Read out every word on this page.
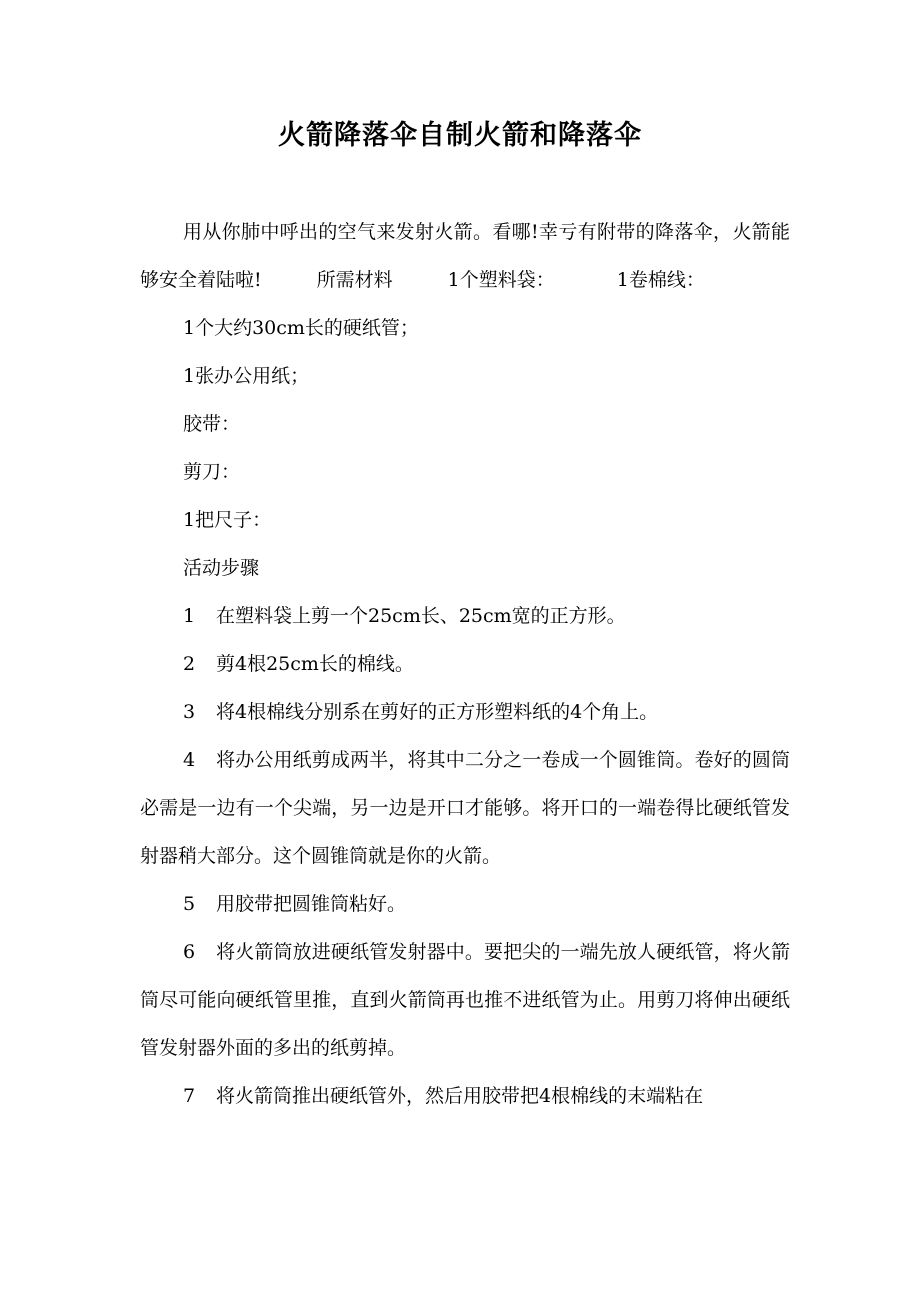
火箭降落伞自制火箭和降落伞

用从你肺中呼出的空气来发射火箭。看哪!幸亏有附带的降落伞，火箭能够安全着陆啦!	所需材料	1个塑料袋：	1卷棉线：

1个大约30cm长的硬纸管；

1张办公用纸；

胶带：

剪刀：

1把尺子：

活动步骤

1 在塑料袋上剪一个25cm长、25cm宽的正方形。

2 剪4根25cm长的棉线。

3 将4根棉线分别系在剪好的正方形塑料纸的4个角上。

4 将办公用纸剪成两半，将其中二分之一卷成一个圆锥筒。卷好的圆筒必需是一边有一个尖端，另一边是开口才能够。将开口的一端卷得比硬纸管发射器稍大部分。这个圆锥筒就是你的火箭。

5 用胶带把圆锥筒粘好。

6 将火箭筒放进硬纸管发射器中。要把尖的一端先放人硬纸管，将火箭筒尽可能向硬纸管里推，直到火箭筒再也推不进纸管为止。用剪刀将伸出硬纸管发射器外面的多出的纸剪掉。

7 将火箭筒推出硬纸管外，然后用胶带把4根棉线的末端粘在
